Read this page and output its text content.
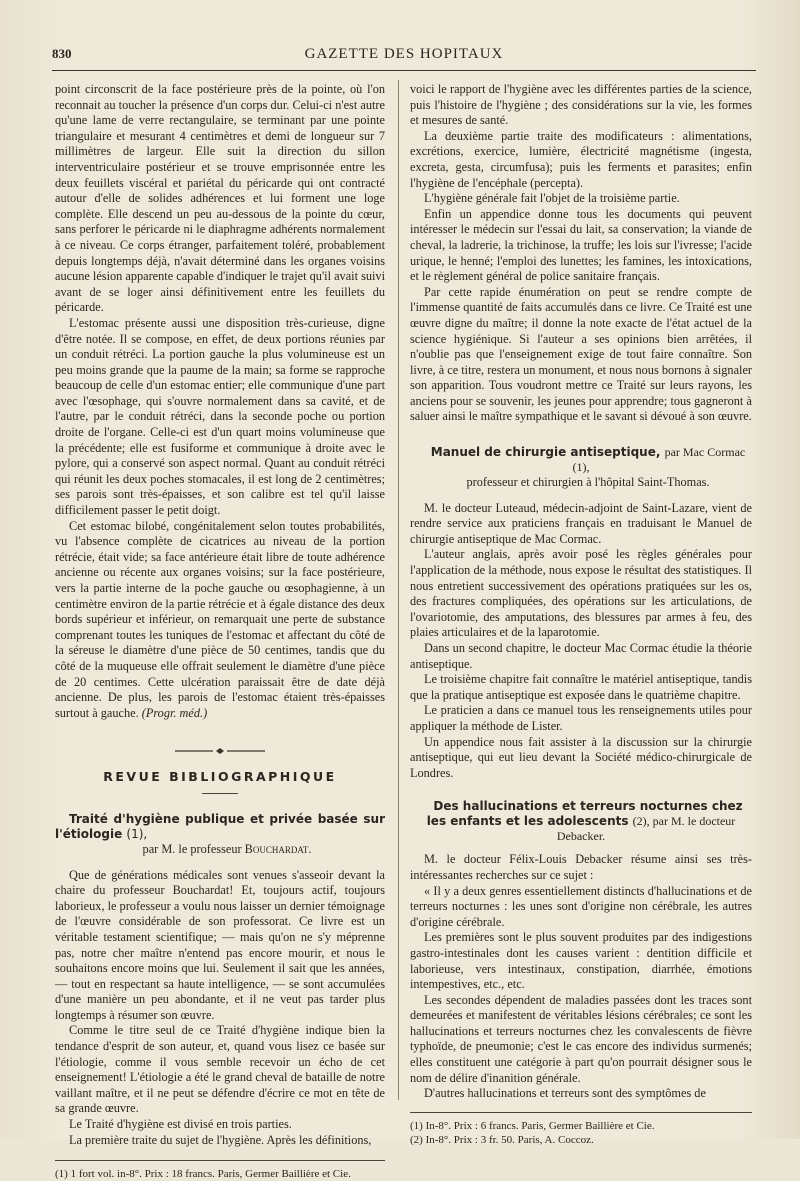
830	GAZETTE DES HOPITAUX

point circonscrit de la face postérieure près de la pointe, où l'on reconnait au toucher la présence d'un corps dur. Celui-ci n'est autre qu'une lame de verre rectangulaire, se terminant par une pointe triangulaire et mesurant 4 centimètres et demi de longueur sur 7 millimètres de largeur. Elle suit la direction du sillon interventriculaire postérieur et se trouve emprisonnée entre les deux feuillets viscéral et pariétal du péricarde qui ont contracté autour d'elle de solides adhérences et lui forment une loge complète. Elle descend un peu au-dessous de la pointe du cœur, sans perforer le péricarde ni le diaphragme adhérents normalement à ce niveau. Ce corps étranger, parfaitement toléré, probablement depuis longtemps déjà, n'avait déterminé dans les organes voisins aucune lésion apparente capable d'indiquer le trajet qu'il avait suivi avant de se loger ainsi définitivement entre les feuillets du péricarde.

L'estomac présente aussi une disposition très-curieuse, digne d'être notée. Il se compose, en effet, de deux portions réunies par un conduit rétréci. La portion gauche la plus volumineuse est un peu moins grande que la paume de la main; sa forme se rapproche beaucoup de celle d'un estomac entier; elle communique d'une part avec l'œsophage, qui s'ouvre normalement dans sa cavité, et de l'autre, par le conduit rétréci, dans la seconde poche ou portion droite de l'organe. Celle-ci est d'un quart moins volumineuse que la précédente; elle est fusiforme et communique à droite avec le pylore, qui a conservé son aspect normal. Quant au conduit rétréci qui réunit les deux poches stomacales, il est long de 2 centimètres; ses parois sont très-épaisses, et son calibre est tel qu'il laisse difficilement passer le petit doigt.

Cet estomac bilobé, congénitalement selon toutes probabilités, vu l'absence complète de cicatrices au niveau de la portion rétrécie, était vide; sa face antérieure était libre de toute adhérence ancienne ou récente aux organes voisins; sur la face postérieure, vers la partie interne de la poche gauche ou œsophagienne, à un centimètre environ de la partie rétrécie et à égale distance des deux bords supérieur et inférieur, on remarquait une perte de substance comprenant toutes les tuniques de l'estomac et affectant du côté de la séreuse le diamètre d'une pièce de 50 centimes, tandis que du côté de la muqueuse elle offrait seulement le diamètre d'une pièce de 20 centimes. Cette ulcération paraissait être de date déjà ancienne. De plus, les parois de l'estomac étaient très-épaisses surtout à gauche. (Progr. méd.)

REVUE BIBLIOGRAPHIQUE

Traité d'hygiène publique et privée basée sur l'étiologie (1),

par M. le professeur Bouchardat.

Que de générations médicales sont venues s'asseoir devant la chaire du professeur Bouchardat! Et, toujours actif, toujours laborieux, le professeur a voulu nous laisser un dernier témoignage de l'œuvre considérable de son professorat. Ce livre est un véritable testament scientifique; — mais qu'on ne s'y méprenne pas, notre cher maître n'entend pas encore mourir, et nous le souhaitons encore moins que lui. Seulement il sait que les années, — tout en respectant sa haute intelligence, — se sont accumulées d'une manière un peu abondante, et il ne veut pas tarder plus longtemps à résumer son œuvre.

Comme le titre seul de ce Traité d'hygiène indique bien la tendance d'esprit de son auteur, et, quand vous lisez ce basée sur l'étiologie, comme il vous semble recevoir un écho de cet enseignement! L'étiologie a été le grand cheval de bataille de notre vaillant maître, et il ne peut se défendre d'écrire ce mot en tête de sa grande œuvre.

Le Traité d'hygiène est divisé en trois parties.

La première traite du sujet de l'hygiène. Après les définitions,

(1) 1 fort vol. in-8°. Prix : 18 francs. Paris, Germer Baillière et Cie.

voici le rapport de l'hygiène avec les différentes parties de la science, puis l'histoire de l'hygiène ; des considérations sur la vie, les formes et mesures de santé.

La deuxième partie traite des modificateurs : alimentations, excrétions, exercice, lumière, électricité magnétisme (ingesta, excreta, gesta, circumfusa); puis les ferments et parasites; enfin l'hygiène de l'encéphale (percepta).

L'hygiène générale fait l'objet de la troisième partie.

Enfin un appendice donne tous les documents qui peuvent intéresser le médecin sur l'essai du lait, sa conservation; la viande de cheval, la ladrerie, la trichinose, la truffe; les lois sur l'ivresse; l'acide urique, le henné; l'emploi des lunettes; les famines, les intoxications, et le règlement général de police sanitaire français.

Par cette rapide énumération on peut se rendre compte de l'immense quantité de faits accumulés dans ce livre. Ce Traité est une œuvre digne du maître; il donne la note exacte de l'état actuel de la science hygiénique. Si l'auteur a ses opinions bien arrêtées, il n'oublie pas que l'enseignement exige de tout faire connaître. Son livre, à ce titre, restera un monument, et nous nous bornons à signaler son apparition. Tous voudront mettre ce Traité sur leurs rayons, les anciens pour se souvenir, les jeunes pour apprendre; tous gagneront à saluer ainsi le maître sympathique et le savant si dévoué à son œuvre.

Manuel de chirurgie antiseptique, par Mac Cormac (1),

professeur et chirurgien à l'hôpital Saint-Thomas.

M. le docteur Luteaud, médecin-adjoint de Saint-Lazare, vient de rendre service aux praticiens français en traduisant le Manuel de chirurgie antiseptique de Mac Cormac.

L'auteur anglais, après avoir posé les règles générales pour l'application de la méthode, nous expose le résultat des statistiques. Il nous entretient successivement des opérations pratiquées sur les os, des fractures compliquées, des opérations sur les articulations, de l'ovariotomie, des amputations, des blessures par armes à feu, des plaies articulaires et de la laparotomie.

Dans un second chapitre, le docteur Mac Cormac étudie la théorie antiseptique.

Le troisième chapitre fait connaître le matériel antiseptique, tandis que la pratique antiseptique est exposée dans le quatrième chapitre.

Le praticien a dans ce manuel tous les renseignements utiles pour appliquer la méthode de Lister.

Un appendice nous fait assister à la discussion sur la chirurgie antiseptique, qui eut lieu devant la Société médico-chirurgicale de Londres.

Des hallucinations et terreurs nocturnes chez les enfants et les adolescents (2), par M. le docteur Debacker.

M. le docteur Félix-Louis Debacker résume ainsi ses très-intéressantes recherches sur ce sujet :

« Il y a deux genres essentiellement distincts d'hallucinations et de terreurs nocturnes : les unes sont d'origine non cérébrale, les autres d'origine cérébrale.

Les premières sont le plus souvent produites par des indigestions gastro-intestinales dont les causes varient : dentition difficile et laborieuse, vers intestinaux, constipation, diarrhée, émotions intempestives, etc., etc.

Les secondes dépendent de maladies passées dont les traces sont demeurées et manifestent de véritables lésions cérébrales; ce sont les hallucinations et terreurs nocturnes chez les convalescents de fièvre typhoïde, de pneumonie; c'est le cas encore des individus surmenés; elles constituent une catégorie à part qu'on pourrait désigner sous le nom de délire d'inanition générale.

D'autres hallucinations et terreurs sont des symptômes de

(1) In-8°. Prix : 6 francs. Paris, Germer Baillière et Cie.

(2) In-8°. Prix : 3 fr. 50. Paris, A. Coccoz.
